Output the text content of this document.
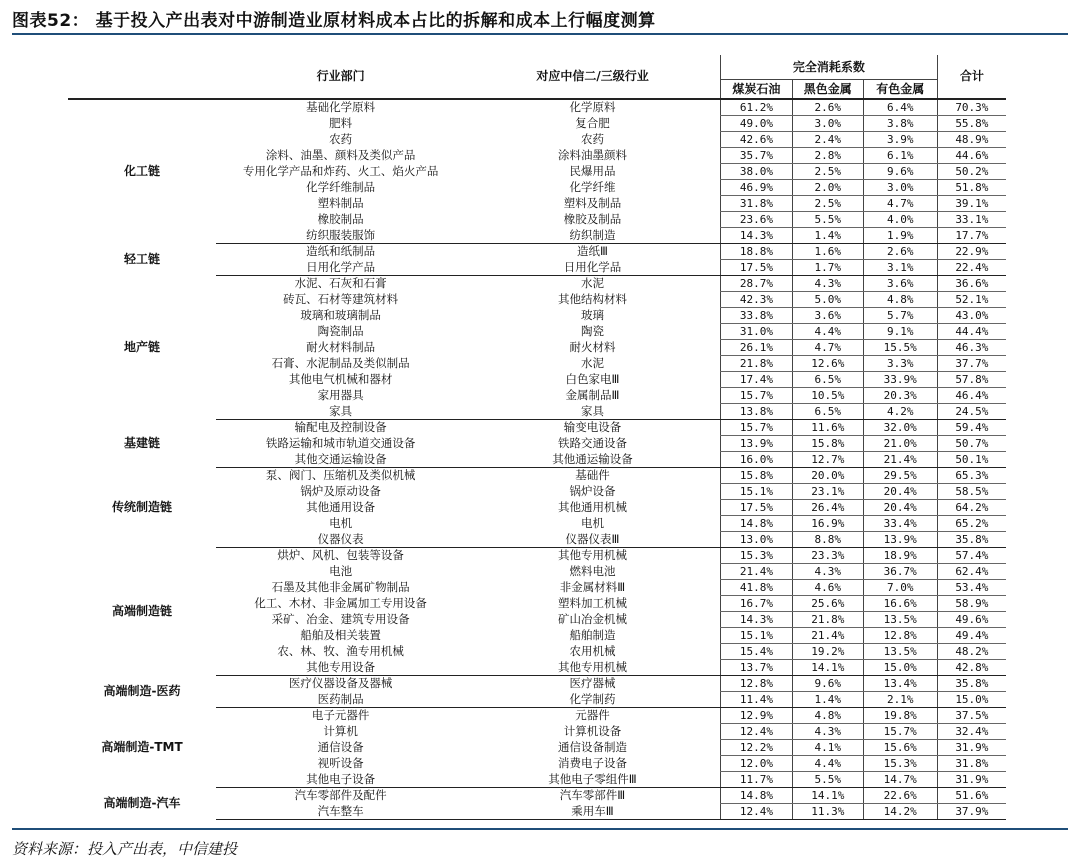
图表52： 基于投入产出表对中游制造业原材料成本占比的拆解和成本上行幅度测算
	行业部门	对应中信二/三级行业	完全消耗系数			合计
			煤炭石油	黑色金属	有色金属	
化工链	基础化学原料	化学原料	61.2%	2.6%	6.4%	70.3%
	肥料	复合肥	49.0%	3.0%	3.8%	55.8%
	农药	农药	42.6%	2.4%	3.9%	48.9%
	涂料、油墨、颜料及类似产品	涂料油墨颜料	35.7%	2.8%	6.1%	44.6%
	专用化学产品和炸药、火工、焰火产品	民爆用品	38.0%	2.5%	9.6%	50.2%
	化学纤维制品	化学纤维	46.9%	2.0%	3.0%	51.8%
	塑料制品	塑料及制品	31.8%	2.5%	4.7%	39.1%
	橡胶制品	橡胶及制品	23.6%	5.5%	4.0%	33.1%
	纺织服装服饰	纺织制造	14.3%	1.4%	1.9%	17.7%
轻工链	造纸和纸制品	造纸Ⅲ	18.8%	1.6%	2.6%	22.9%
	日用化学产品	日用化学品	17.5%	1.7%	3.1%	22.4%
地产链	水泥、石灰和石膏	水泥	28.7%	4.3%	3.6%	36.6%
	砖瓦、石材等建筑材料	其他结构材料	42.3%	5.0%	4.8%	52.1%
	玻璃和玻璃制品	玻璃	33.8%	3.6%	5.7%	43.0%
	陶瓷制品	陶瓷	31.0%	4.4%	9.1%	44.4%
	耐火材料制品	耐火材料	26.1%	4.7%	15.5%	46.3%
	石膏、水泥制品及类似制品	水泥	21.8%	12.6%	3.3%	37.7%
	其他电气机械和器材	白色家电Ⅲ	17.4%	6.5%	33.9%	57.8%
	家用器具	金属制品Ⅲ	15.7%	10.5%	20.3%	46.4%
	家具	家具	13.8%	6.5%	4.2%	24.5%
基建链	输配电及控制设备	输变电设备	15.7%	11.6%	32.0%	59.4%
	铁路运输和城市轨道交通设备	铁路交通设备	13.9%	15.8%	21.0%	50.7%
	其他交通运输设备	其他通运输设备	16.0%	12.7%	21.4%	50.1%
传统制造链	泵、阀门、压缩机及类似机械	基础件	15.8%	20.0%	29.5%	65.3%
	锅炉及原动设备	锅炉设备	15.1%	23.1%	20.4%	58.5%
	其他通用设备	其他通用机械	17.5%	26.4%	20.4%	64.2%
	电机	电机	14.8%	16.9%	33.4%	65.2%
	仪器仪表	仪器仪表Ⅲ	13.0%	8.8%	13.9%	35.8%
高端制造链	烘炉、风机、包装等设备	其他专用机械	15.3%	23.3%	18.9%	57.4%
	电池	燃料电池	21.4%	4.3%	36.7%	62.4%
	石墨及其他非金属矿物制品	非金属材料Ⅲ	41.8%	4.6%	7.0%	53.4%
	化工、木材、非金属加工专用设备	塑料加工机械	16.7%	25.6%	16.6%	58.9%
	采矿、冶金、建筑专用设备	矿山冶金机械	14.3%	21.8%	13.5%	49.6%
	船舶及相关装置	船舶制造	15.1%	21.4%	12.8%	49.4%
	农、林、牧、渔专用机械	农用机械	15.4%	19.2%	13.5%	48.2%
	其他专用设备	其他专用机械	13.7%	14.1%	15.0%	42.8%
高端制造-医药	医疗仪器设备及器械	医疗器械	12.8%	9.6%	13.4%	35.8%
	医药制品	化学制药	11.4%	1.4%	2.1%	15.0%
高端制造-TMT	电子元器件	元器件	12.9%	4.8%	19.8%	37.5%
	计算机	计算机设备	12.4%	4.3%	15.7%	32.4%
	通信设备	通信设备制造	12.2%	4.1%	15.6%	31.9%
	视听设备	消费电子设备	12.0%	4.4%	15.3%	31.8%
	其他电子设备	其他电子零组件Ⅲ	11.7%	5.5%	14.7%	31.9%
高端制造-汽车	汽车零部件及配件	汽车零部件Ⅲ	14.8%	14.1%	22.6%	51.6%
	汽车整车	乘用车Ⅲ	12.4%	11.3%	14.2%	37.9%
资料来源：投入产出表，中信建投
